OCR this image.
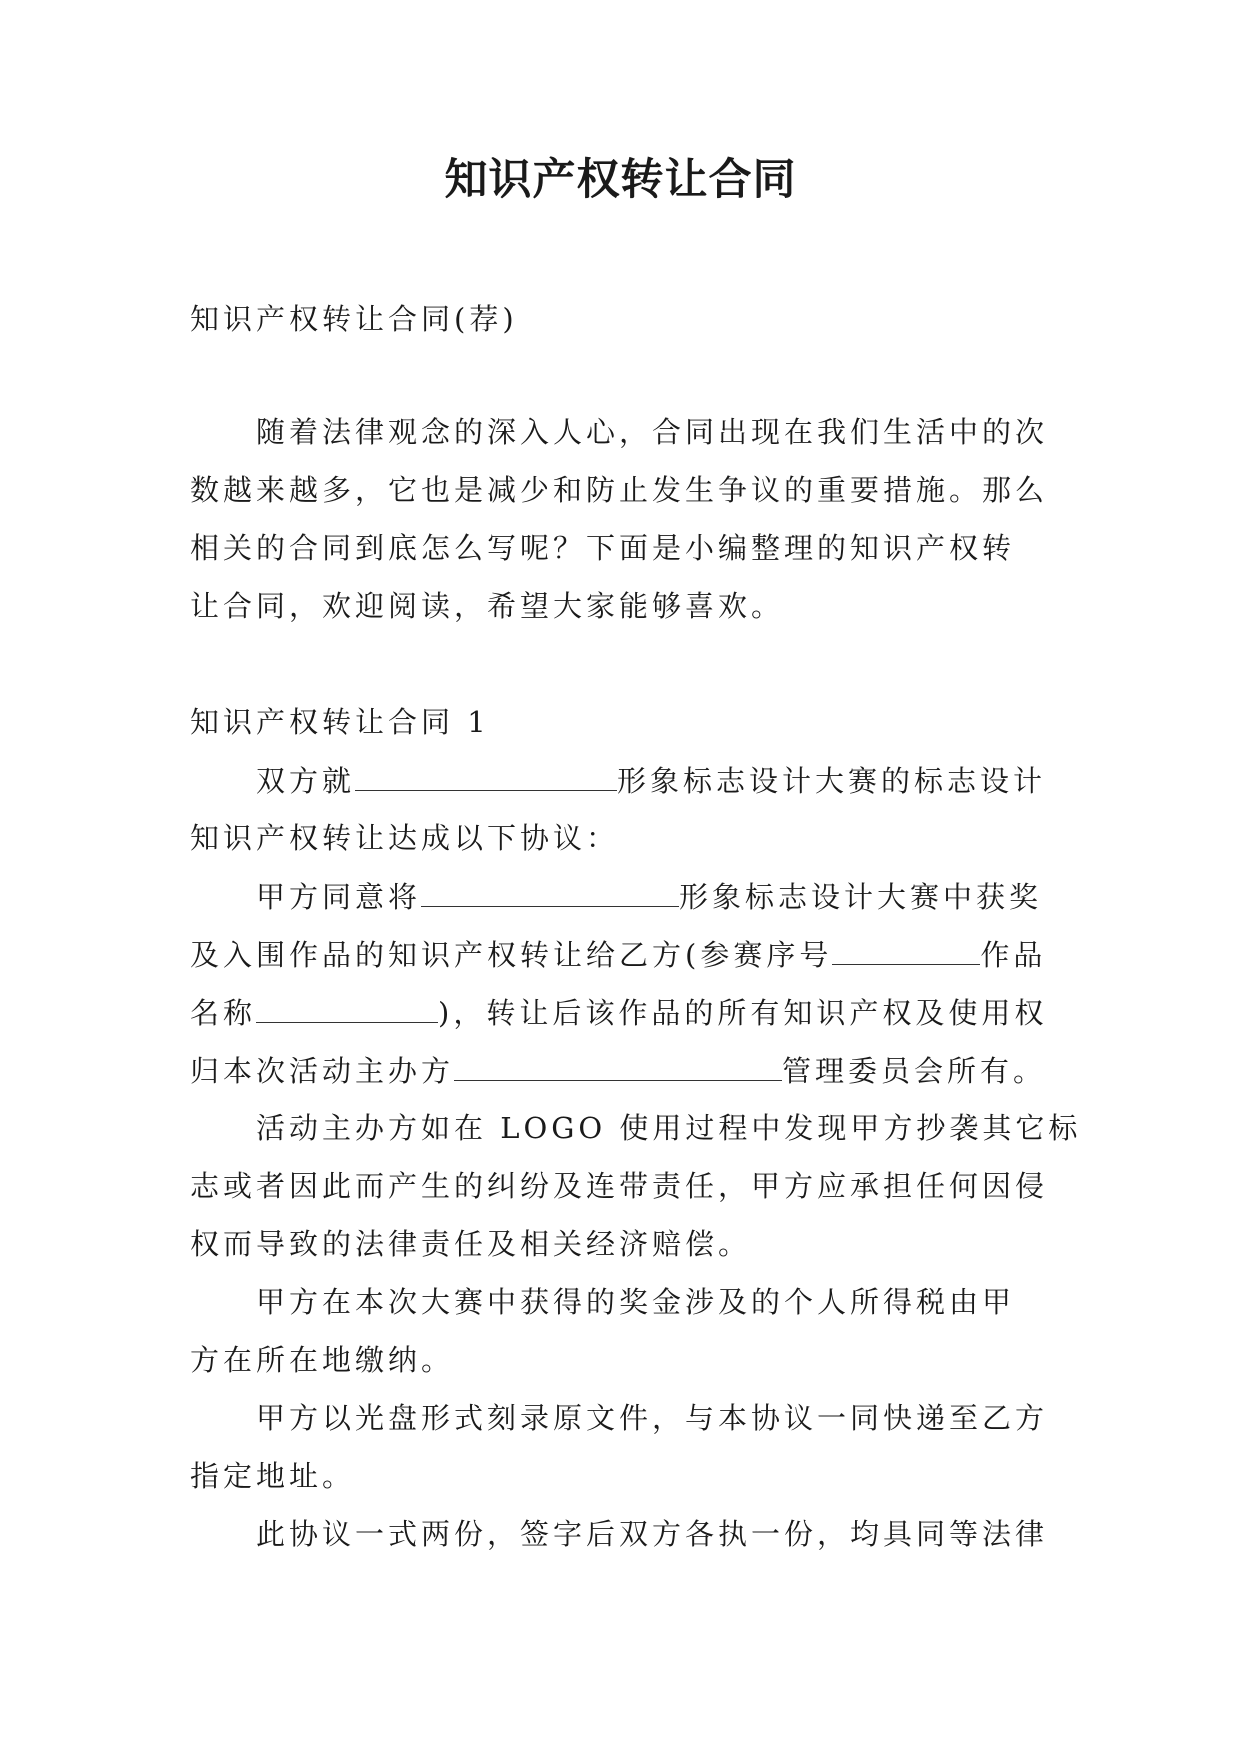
知识产权转让合同

知识产权转让合同(荐)

随着法律观念的深入人心，合同出现在我们生活中的次

数越来越多，它也是减少和防止发生争议的重要措施。那么

相关的合同到底怎么写呢？下面是小编整理的知识产权转

让合同，欢迎阅读，希望大家能够喜欢。

知识产权转让合同 1

双方就	形象标志设计大赛的标志设计

知识产权转让达成以下协议：

甲方同意将	形象标志设计大赛中获奖

及入围作品的知识产权转让给乙方(参赛序号	作品

名称	)，转让后该作品的所有知识产权及使用权

归本次活动主办方	管理委员会所有。

活动主办方如在 LOGO 使用过程中发现甲方抄袭其它标

志或者因此而产生的纠纷及连带责任，甲方应承担任何因侵

权而导致的法律责任及相关经济赔偿。

甲方在本次大赛中获得的奖金涉及的个人所得税由甲

方在所在地缴纳。

甲方以光盘形式刻录原文件，与本协议一同快递至乙方

指定地址。

此协议一式两份，签字后双方各执一份，均具同等法律
